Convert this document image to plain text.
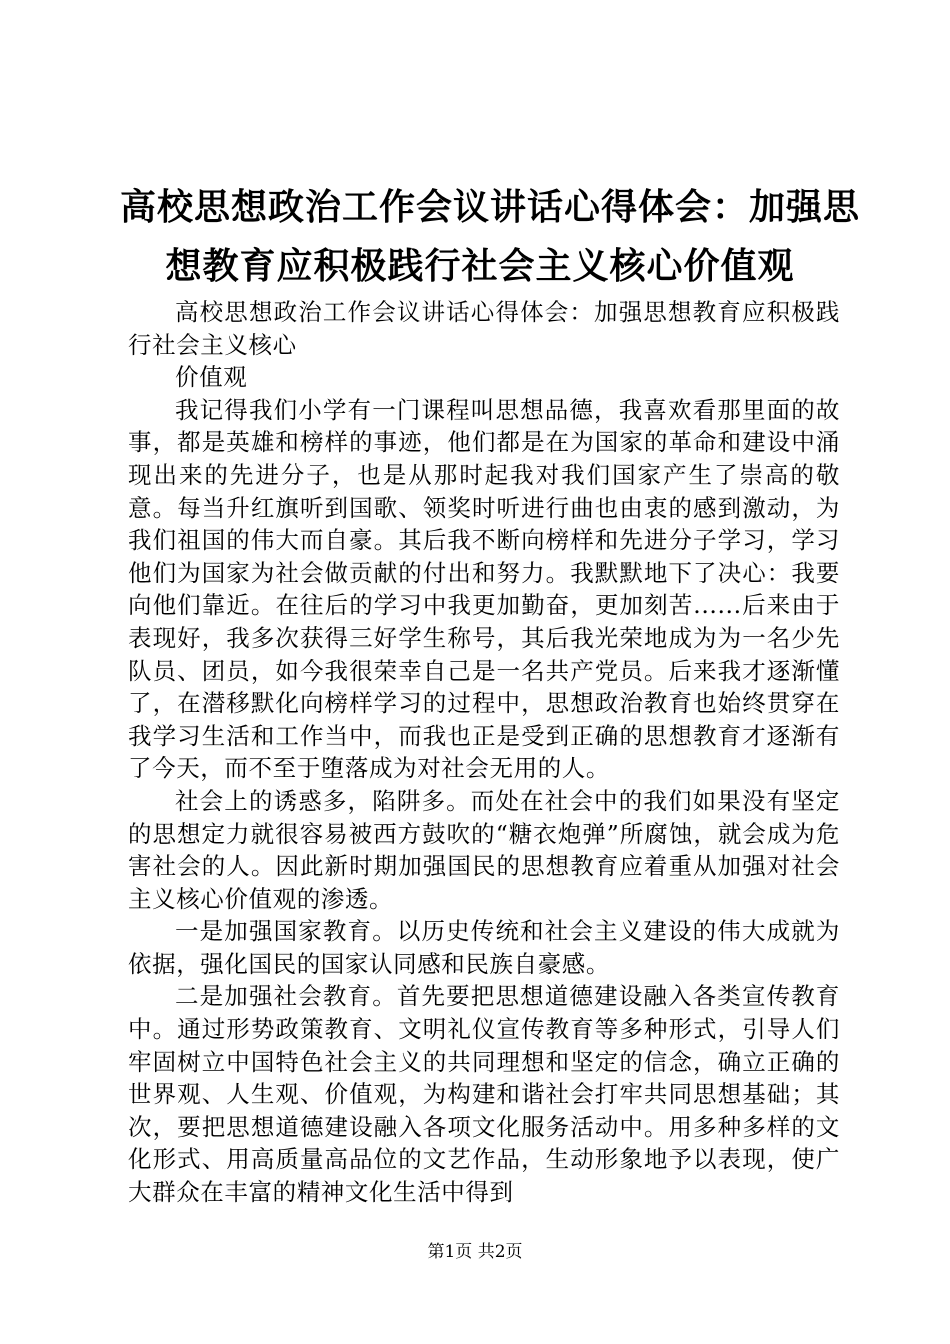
高校思想政治工作会议讲话心得体会：加强思
想教育应积极践行社会主义核心价值观

高校思想政治工作会议讲话心得体会：加强思想教育应积极践行社会主义核心

价值观

我记得我们小学有一门课程叫思想品德，我喜欢看那里面的故事，都是英雄和榜样的事迹，他们都是在为国家的革命和建设中涌现出来的先进分子，也是从那时起我对我们国家产生了崇高的敬意。每当升红旗听到国歌、领奖时听进行曲也由衷的感到激动，为我们祖国的伟大而自豪。其后我不断向榜样和先进分子学习，学习他们为国家为社会做贡献的付出和努力。我默默地下了决心：我要向他们靠近。在往后的学习中我更加勤奋，更加刻苦......后来由于表现好，我多次获得三好学生称号，其后我光荣地成为为一名少先队员、团员，如今我很荣幸自己是一名共产党员。后来我才逐渐懂了，在潜移默化向榜样学习的过程中，思想政治教育也始终贯穿在我学习生活和工作当中，而我也正是受到正确的思想教育才逐渐有了今天，而不至于堕落成为对社会无用的人。

社会上的诱惑多，陷阱多。而处在社会中的我们如果没有坚定的思想定力就很容易被西方鼓吹的“糖衣炮弹”所腐蚀，就会成为危害社会的人。因此新时期加强国民的思想教育应着重从加强对社会主义核心价值观的渗透。

一是加强国家教育。以历史传统和社会主义建设的伟大成就为依据，强化国民的国家认同感和民族自豪感。

二是加强社会教育。首先要把思想道德建设融入各类宣传教育中。通过形势政策教育、文明礼仪宣传教育等多种形式，引导人们牢固树立中国特色社会主义的共同理想和坚定的信念，确立正确的世界观、人生观、价值观，为构建和谐社会打牢共同思想基础；其次，要把思想道德建设融入各项文化服务活动中。用多种多样的文化形式、用高质量高品位的文艺作品，生动形象地予以表现，使广大群众在丰富的精神文化生活中得到

第1页 共2页
